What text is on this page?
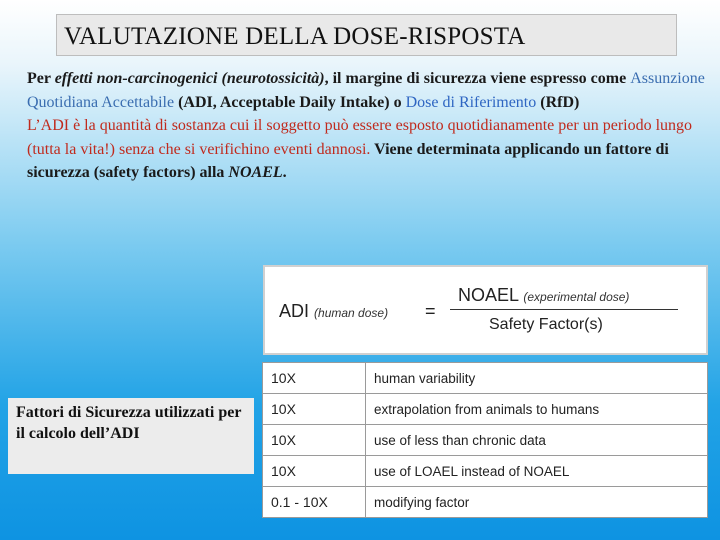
VALUTAZIONE DELLA DOSE-RISPOSTA
Per effetti non-carcinogenici (neurotossicità), il margine di sicurezza viene espresso come Assunzione Quotidiana Accettabile (ADI, Acceptable Daily Intake) o Dose di Riferimento (RfD)
L’ADI è la quantità di sostanza cui il soggetto può essere esposto quotidianamente per un periodo lungo (tutta la vita!) senza che si verifichino eventi dannosi. Viene determinata applicando un fattore di sicurezza (safety factors) alla NOAEL.
ADI (human dose) =
NOAEL (experimental dose)
Safety Factor(s)
Fattori di Sicurezza utilizzati per il calcolo dell’ADI
10X	human variability
10X	extrapolation from animals to humans
10X	use of less than chronic data
10X	use of LOAEL instead of NOAEL
0.1 - 10X	modifying factor
